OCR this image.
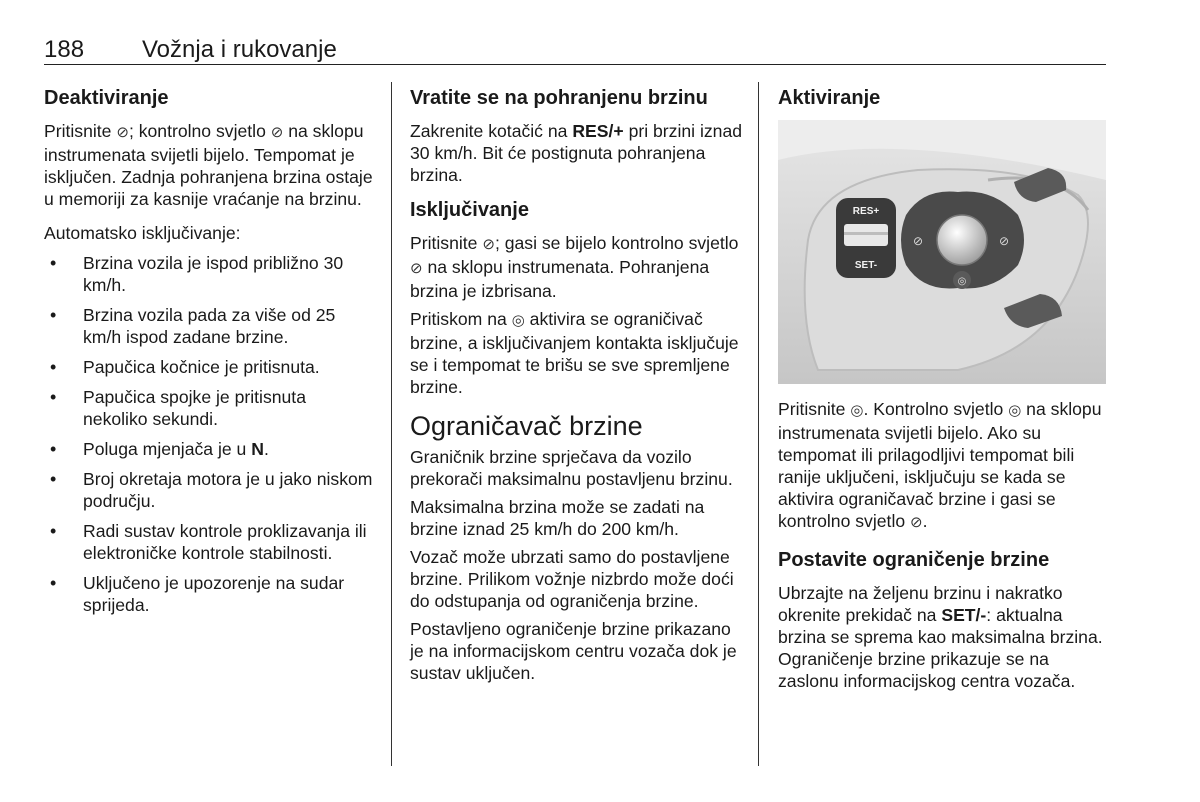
188 Vožnja i rukovanje
Deaktiviranje

Pritisnite ⊘; kontrolno svjetlo ⊘ na sklopu instrumenata svijetli bijelo. Tempomat je isključen. Zadnja pohranjena brzina ostaje u memoriji za kasnije vraćanje na brzinu.

Automatsko isključivanje:

• Brzina vozila je ispod približno 30 km/h.
• Brzina vozila pada za više od 25 km/h ispod zadane brzine.
• Papučica kočnice je pritisnuta.
• Papučica spojke je pritisnuta nekoliko sekundi.
• Poluga mjenjača je u N.
• Broj okretaja motora je u jako niskom području.
• Radi sustav kontrole proklizavanja ili elektroničke kontrole stabilnosti.
• Uključeno je upozorenje na sudar sprijeda.
Vratite se na pohranjenu brzinu

Zakrenite kotačić na RES/+ pri brzini iznad 30 km/h. Bit će postignuta pohranjena brzina.

Isključivanje

Pritisnite ⊘; gasi se bijelo kontrolno svjetlo ⊘ na sklopu instrumenata. Pohranjena brzina je izbrisana.

Pritiskom na ◎ aktivira se ograničivač brzine, a isključivanjem kontakta isključuje se i tempomat te brišu se sve spremljene brzine.

Ograničavač brzine

Graničnik brzine sprječava da vozilo prekorači maksimalnu postavljenu brzinu.

Maksimalna brzina može se zadati na brzine iznad 25 km/h do 200 km/h.

Vozač može ubrzati samo do postavljene brzine. Prilikom vožnje nizbrdo može doći do odstupanja od ograničenja brzine.

Postavljeno ograničenje brzine prikazano je na informacijskom centru vozača dok je sustav uključen.

Aktiviranje
RES+
SET-
⊘	⊘
◎

Pritisnite ◎. Kontrolno svjetlo ◎ na sklopu instrumenata svijetli bijelo. Ako su tempomat ili prilagodljivi tempomat bili ranije uključeni, isključuju se kada se aktivira ograničavač brzine i gasi se kontrolno svjetlo ⊘.

Postavite ograničenje brzine

Ubrzajte na željenu brzinu i nakratko okrenite prekidač na SET/-: aktualna brzina se sprema kao maksimalna brzina. Ograničenje brzine prikazuje se na zaslonu informacijskog centra vozača.
